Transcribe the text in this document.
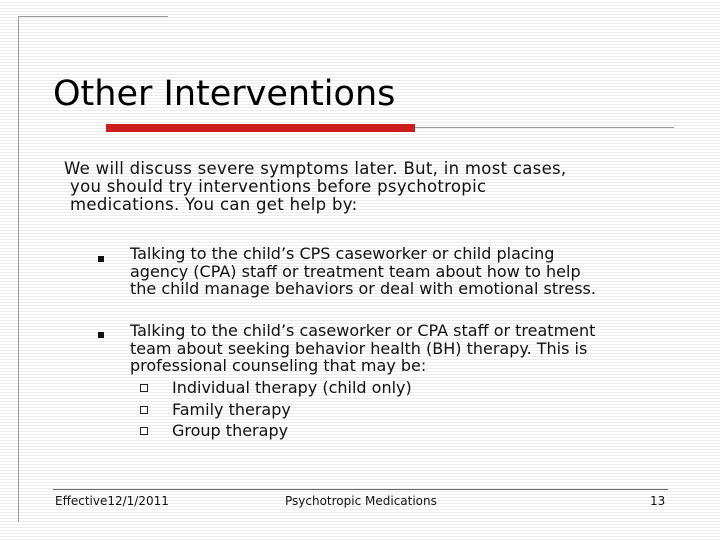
Other Interventions

We will discuss severe symptoms later. But, in most cases,
you should try interventions before psychotropic
medications. You can get help by:

Talking to the child’s CPS caseworker or child placing
agency (CPA) staff or treatment team about how to help
the child manage behaviors or deal with emotional stress.

Talking to the child’s caseworker or CPA staff or treatment
team about seeking behavior health (BH) therapy. This is
professional counseling that may be:

Individual therapy (child only)

Family therapy

Group therapy

Effective12/1/2011	Psychotropic Medications	13
